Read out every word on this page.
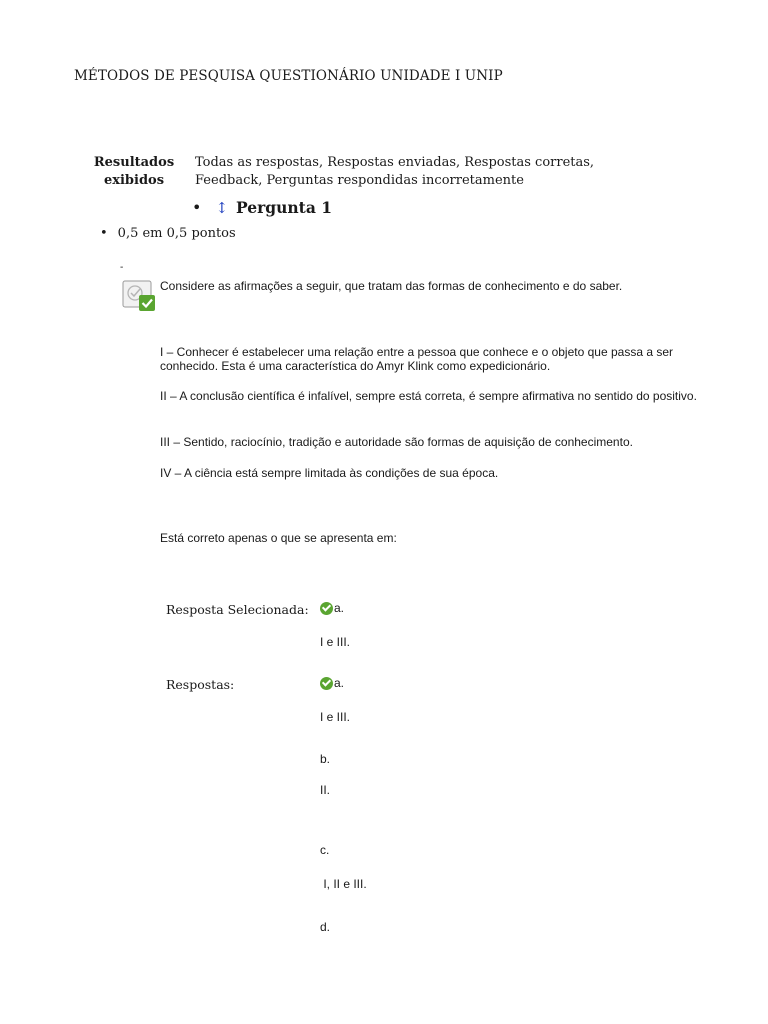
MÉTODOS DE PESQUISA QUESTIONÁRIO UNIDADE I UNIP
Resultados exibidos
Todas as respostas, Respostas enviadas, Respostas corretas, Feedback, Perguntas respondidas incorretamente
• ↕ Pergunta 1
• 0,5 em 0,5 pontos
-
Considere as afirmações a seguir, que tratam das formas de conhecimento e do saber.
I – Conhecer é estabelecer uma relação entre a pessoa que conhece e o objeto que passa a ser conhecido. Esta é uma característica do Amyr Klink como expedicionário.
II – A conclusão científica é infalível, sempre está correta, é sempre afirmativa no sentido do positivo.
III – Sentido, raciocínio, tradição e autoridade são formas de aquisição de conhecimento.
IV – A ciência está sempre limitada às condições de sua época.
Está correto apenas o que se apresenta em:
Resposta Selecionada: a.
I e III.
Respostas:	a.
I e III.
b.
II.
c.
I, II e III.
d.
